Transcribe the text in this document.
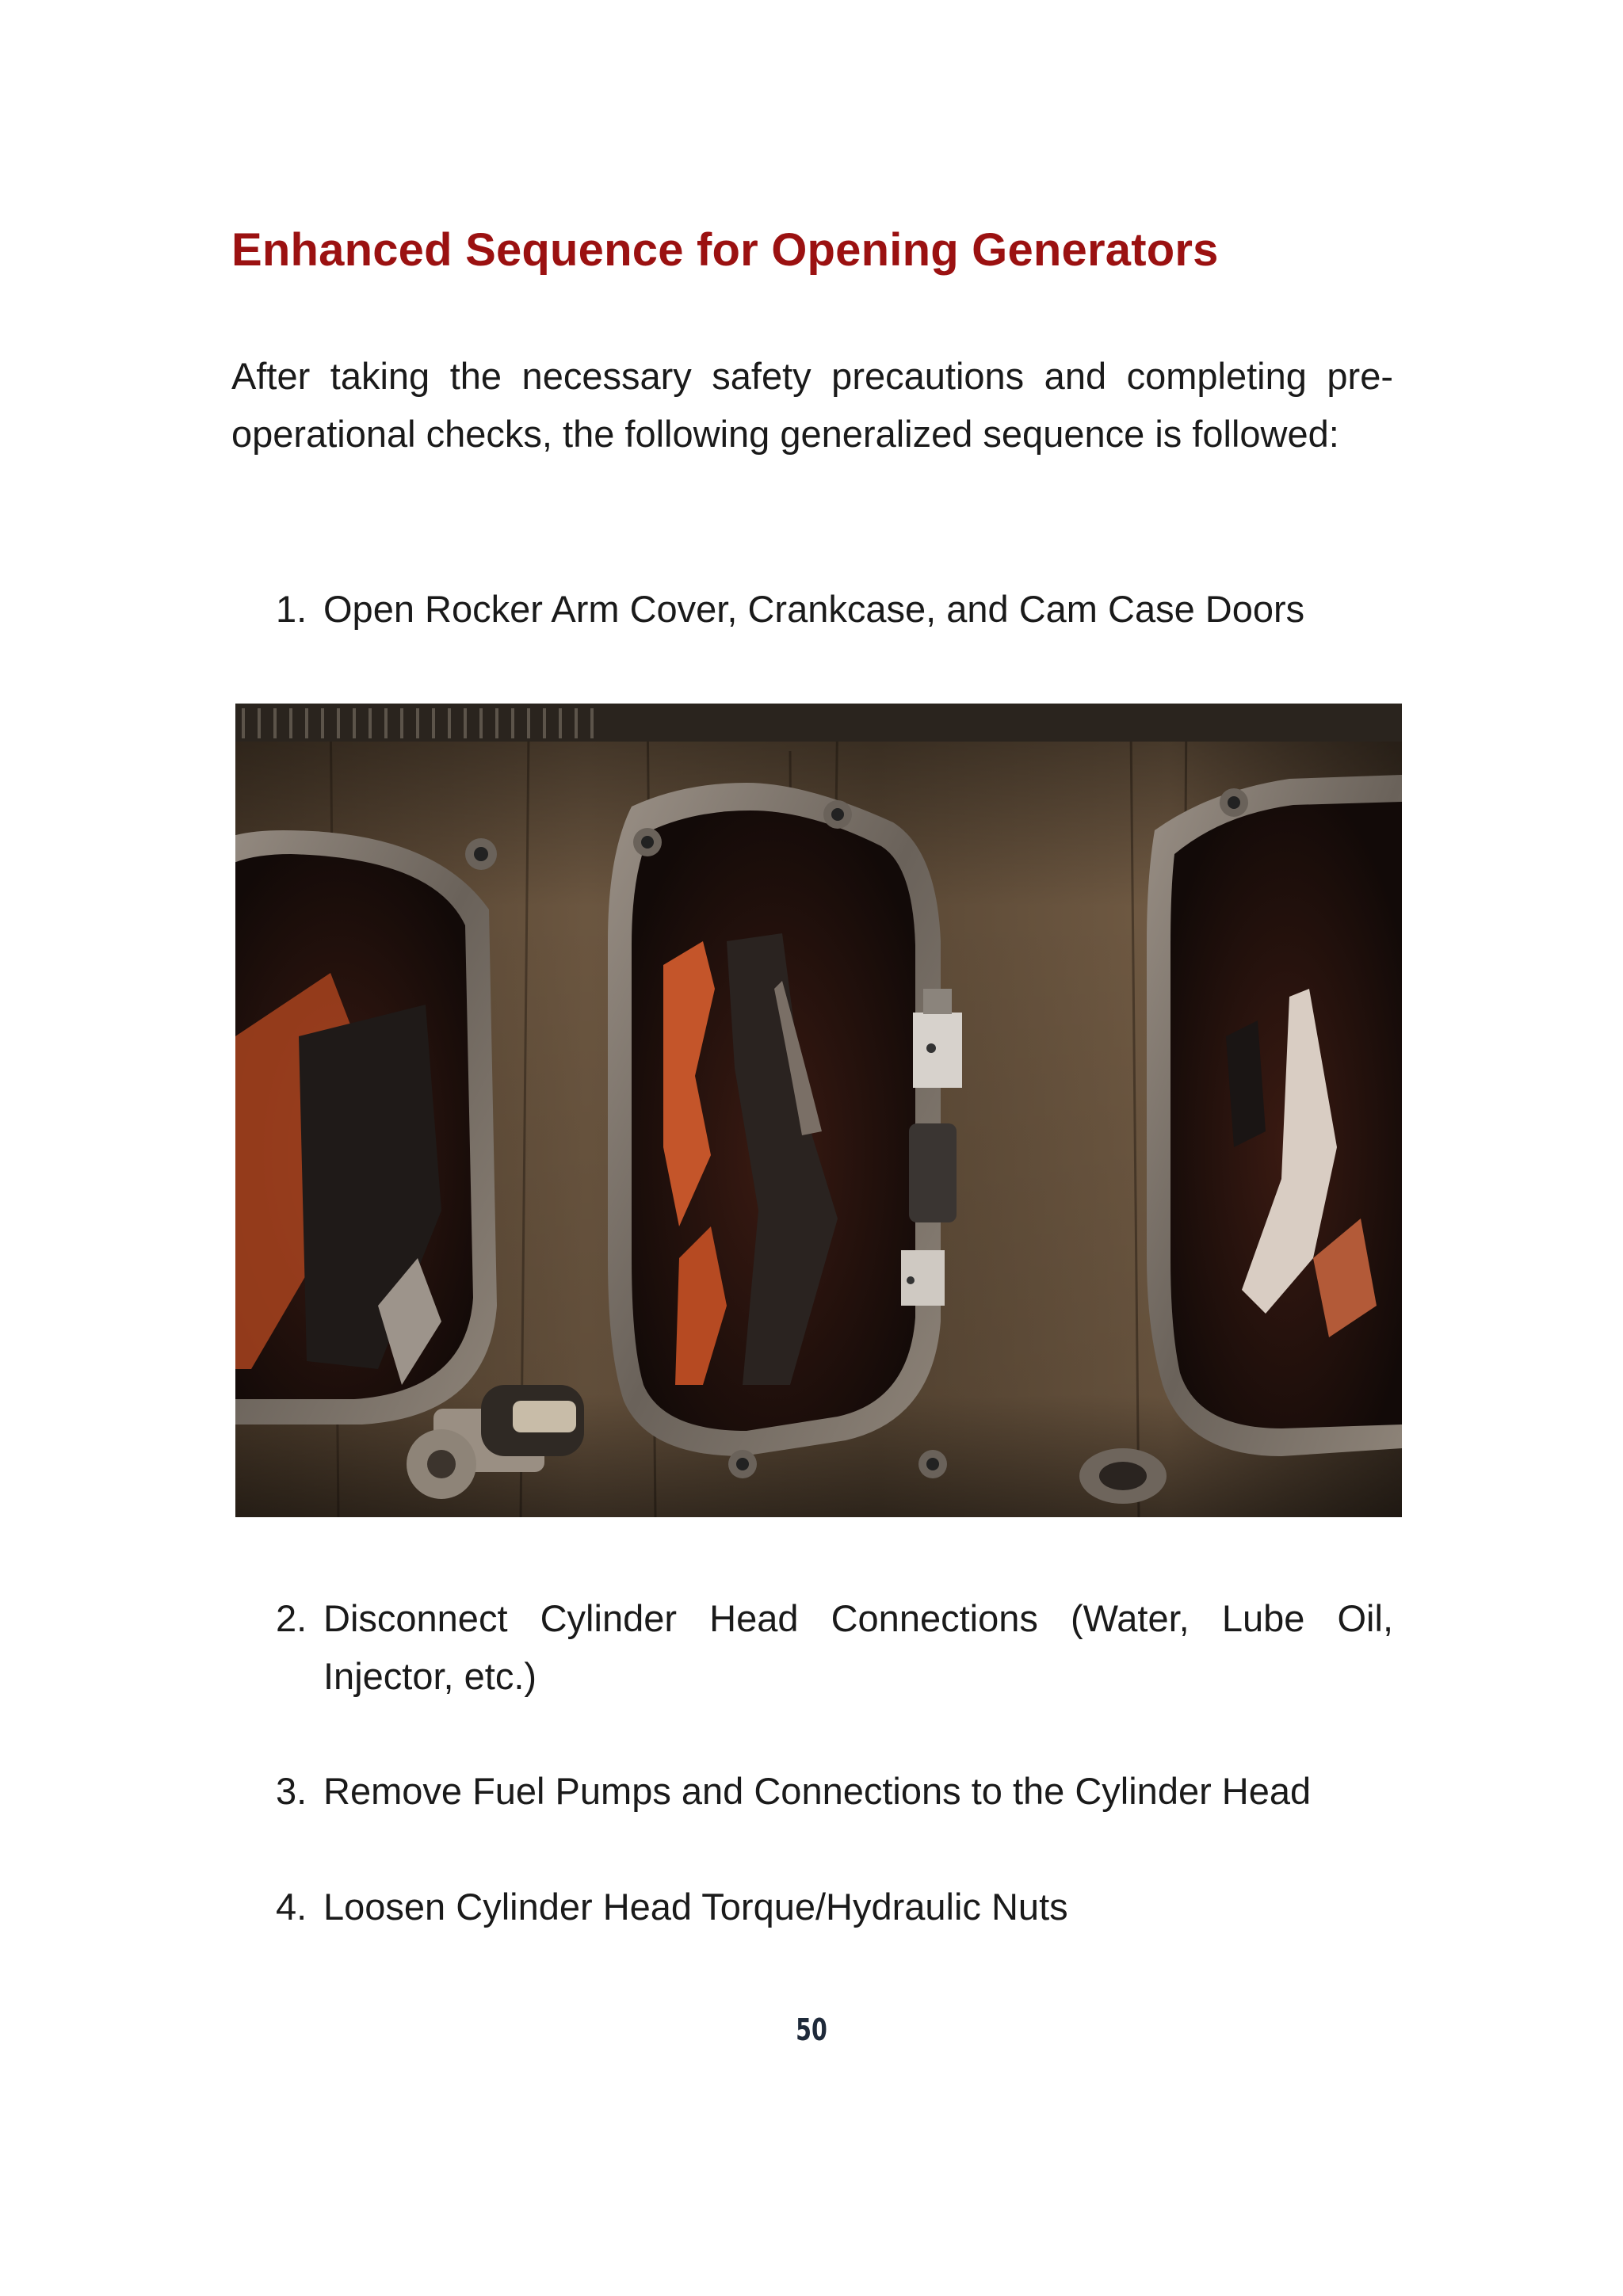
Enhanced Sequence for Opening Generators

After taking the necessary safety precautions and completing pre-operational checks, the following generalized sequence is followed:

1. Open Rocker Arm Cover, Crankcase, and Cam Case Doors
2. Disconnect Cylinder Head Connections (Water, Lube Oil, Injector, etc.)
3. Remove Fuel Pumps and Connections to the Cylinder Head
4. Loosen Cylinder Head Torque/Hydraulic Nuts
50
